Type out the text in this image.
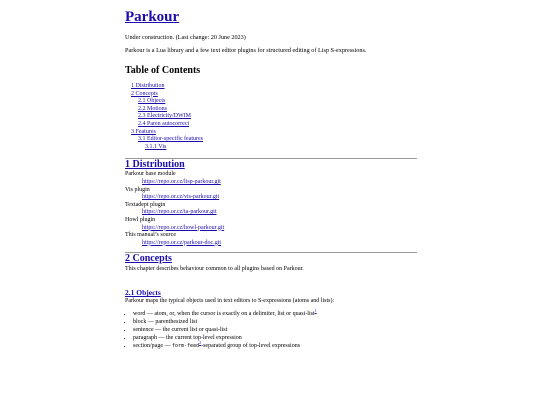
Parkour

Under construction. (Last change: 20 June 2023)

Parkour is a Lua library and a few text editor plugins for structured editing of Lisp S-expressions.

Table of Contents
1 Distribution
2 Concepts
2.1 Objects
2.2 Motions
2.3 Electricity/DWIM
2.4 Paren autocorrect
3 Features
3.1 Editor-specific features
3.1.1 Vis
1 Distribution
Parkour base module
https://repo.or.cz/lisp-parkour.git
Vis plugin
https://repo.or.cz/vis-parkour.git
Textadept plugin
https://repo.or.cz/ta-parkour.git
Howl plugin
https://repo.or.cz/howl-parkour.git
This manual’s source
https://repo.or.cz/parkour-doc.git
2 Concepts
This chapter describes behaviour common to all plugins based on Parkour.
2.1 Objects
Parkour maps the typical objects used in text editors to S-expressions (atoms and lists):
• word — atom, or, when the cursor is exactly on a delimiter, list or quasi-list$^1$
• block — parenthesized list
• sentence — the current list or quasi-list
• paragraph — the current top-level expression
• section/page — form-feed$^2$-separated group of top-level expressions
